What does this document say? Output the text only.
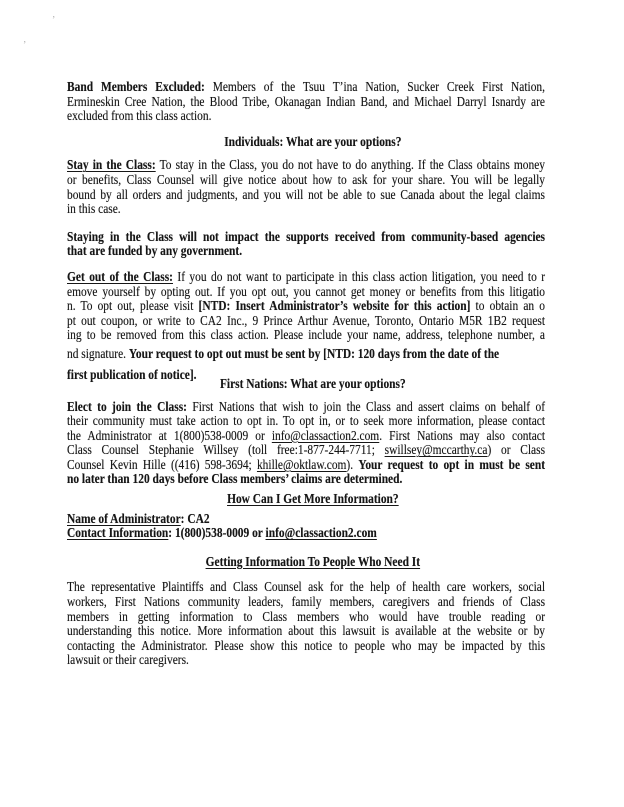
’
’
Band Members Excluded: Members of the Tsuu T’ina Nation, Sucker Creek First Nation,
Ermineskin Cree Nation, the Blood Tribe, Okanagan Indian Band, and Michael Darryl Isnardy are
excluded from this class action.
Individuals: What are your options?
Stay in the Class: To stay in the Class, you do not have to do anything. If the Class obtains money
or benefits, Class Counsel will give notice about how to ask for your share. You will be legally
bound by all orders and judgments, and you will not be able to sue Canada about the legal claims
in this case.
Staying in the Class will not impact the supports received from community-based agencies
that are funded by any government.
Get out of the Class: If you do not want to participate in this class action litigation, you need to r
emove yourself by opting out. If you opt out, you cannot get money or benefits from this litigatio
n. To opt out, please visit [NTD: Insert Administrator’s website for this action] to obtain an o
pt out coupon, or write to CA2 Inc., 9 Prince Arthur Avenue, Toronto, Ontario M5R 1B2 request
ing to be removed from this class action. Please include your name, address, telephone number, a
nd signature. Your request to opt out must be sent by [NTD: 120 days from the date of the
first publication of notice].
First Nations: What are your options?
Elect to join the Class: First Nations that wish to join the Class and assert claims on behalf of
their community must take action to opt in. To opt in, or to seek more information, please contact
the Administrator at 1(800)538-0009 or info@classaction2.com. First Nations may also contact
Class Counsel Stephanie Willsey (toll free:1-877-244-7711; swillsey@mccarthy.ca) or Class
Counsel Kevin Hille ((416) 598-3694; khille@oktlaw.com). Your request to opt in must be sent
no later than 120 days before Class members’ claims are determined.
How Can I Get More Information?
Name of Administrator: CA2
Contact Information: 1(800)538-0009 or info@classaction2.com
Getting Information To People Who Need It
The representative Plaintiffs and Class Counsel ask for the help of health care workers, social
workers, First Nations community leaders, family members, caregivers and friends of Class
members in getting information to Class members who would have trouble reading or
understanding this notice. More information about this lawsuit is available at the website or by
contacting the Administrator. Please show this notice to people who may be impacted by this
lawsuit or their caregivers.
